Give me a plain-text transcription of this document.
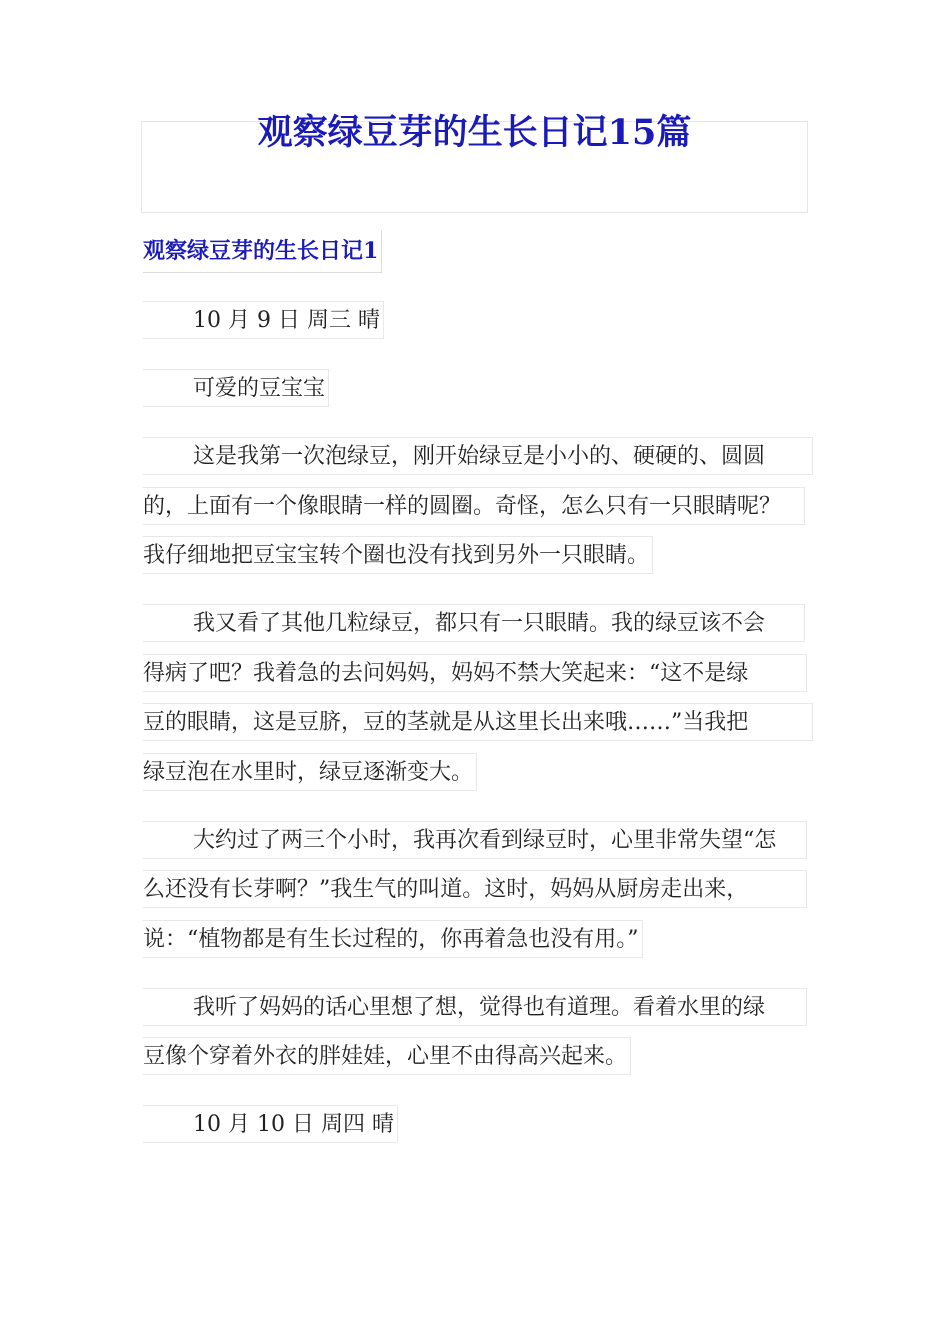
观察绿豆芽的生长日记15篇
观察绿豆芽的生长日记1
10 月 9 日 周三 晴
可爱的豆宝宝
这是我第一次泡绿豆，刚开始绿豆是小小的、硬硬的、圆圆
的，上面有一个像眼睛一样的圆圈。奇怪，怎么只有一只眼睛呢？
我仔细地把豆宝宝转个圈也没有找到另外一只眼睛。
我又看了其他几粒绿豆，都只有一只眼睛。我的绿豆该不会
得病了吧？我着急的去问妈妈，妈妈不禁大笑起来：“这不是绿
豆的眼睛，这是豆脐，豆的茎就是从这里长出来哦……”当我把
绿豆泡在水里时，绿豆逐渐变大。
大约过了两三个小时，我再次看到绿豆时，心里非常失望“怎
么还没有长芽啊？”我生气的叫道。这时，妈妈从厨房走出来，
说：“植物都是有生长过程的，你再着急也没有用。”
我听了妈妈的话心里想了想，觉得也有道理。看着水里的绿
豆像个穿着外衣的胖娃娃，心里不由得高兴起来。
10 月 10 日 周四 晴
